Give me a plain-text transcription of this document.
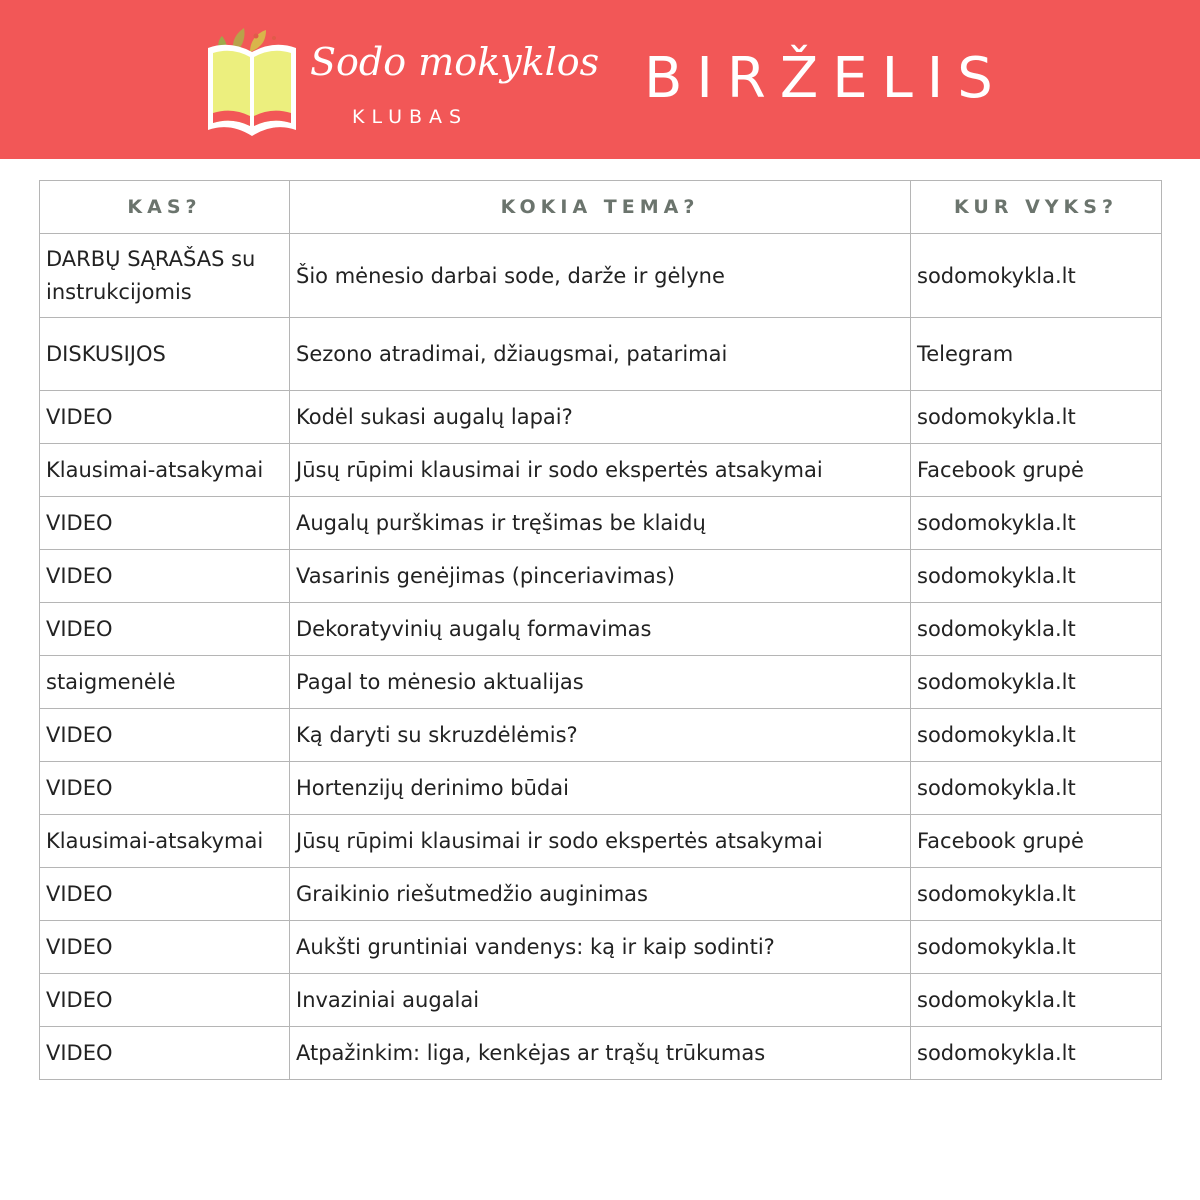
Sodo mokyklos
KLUBAS
BIRŽELIS
KAS?	KOKIA TEMA?	KUR VYKS?
DARBŲ SĄRAŠAS su instrukcijomis	Šio mėnesio darbai sode, darže ir gėlyne	sodomokykla.lt
DISKUSIJOS	Sezono atradimai, džiaugsmai, patarimai	Telegram
VIDEO	Kodėl sukasi augalų lapai?	sodomokykla.lt
Klausimai-atsakymai	Jūsų rūpimi klausimai ir sodo ekspertės atsakymai	Facebook grupė
VIDEO	Augalų purškimas ir tręšimas be klaidų	sodomokykla.lt
VIDEO	Vasarinis genėjimas (pinceriavimas)	sodomokykla.lt
VIDEO	Dekoratyvinių augalų formavimas	sodomokykla.lt
staigmenėlė	Pagal to mėnesio aktualijas	sodomokykla.lt
VIDEO	Ką daryti su skruzdėlėmis?	sodomokykla.lt
VIDEO	Hortenzijų derinimo būdai	sodomokykla.lt
Klausimai-atsakymai	Jūsų rūpimi klausimai ir sodo ekspertės atsakymai	Facebook grupė
VIDEO	Graikinio riešutmedžio auginimas	sodomokykla.lt
VIDEO	Aukšti gruntiniai vandenys: ką ir kaip sodinti?	sodomokykla.lt
VIDEO	Invaziniai augalai	sodomokykla.lt
VIDEO	Atpažinkim: liga, kenkėjas ar trąšų trūkumas	sodomokykla.lt
